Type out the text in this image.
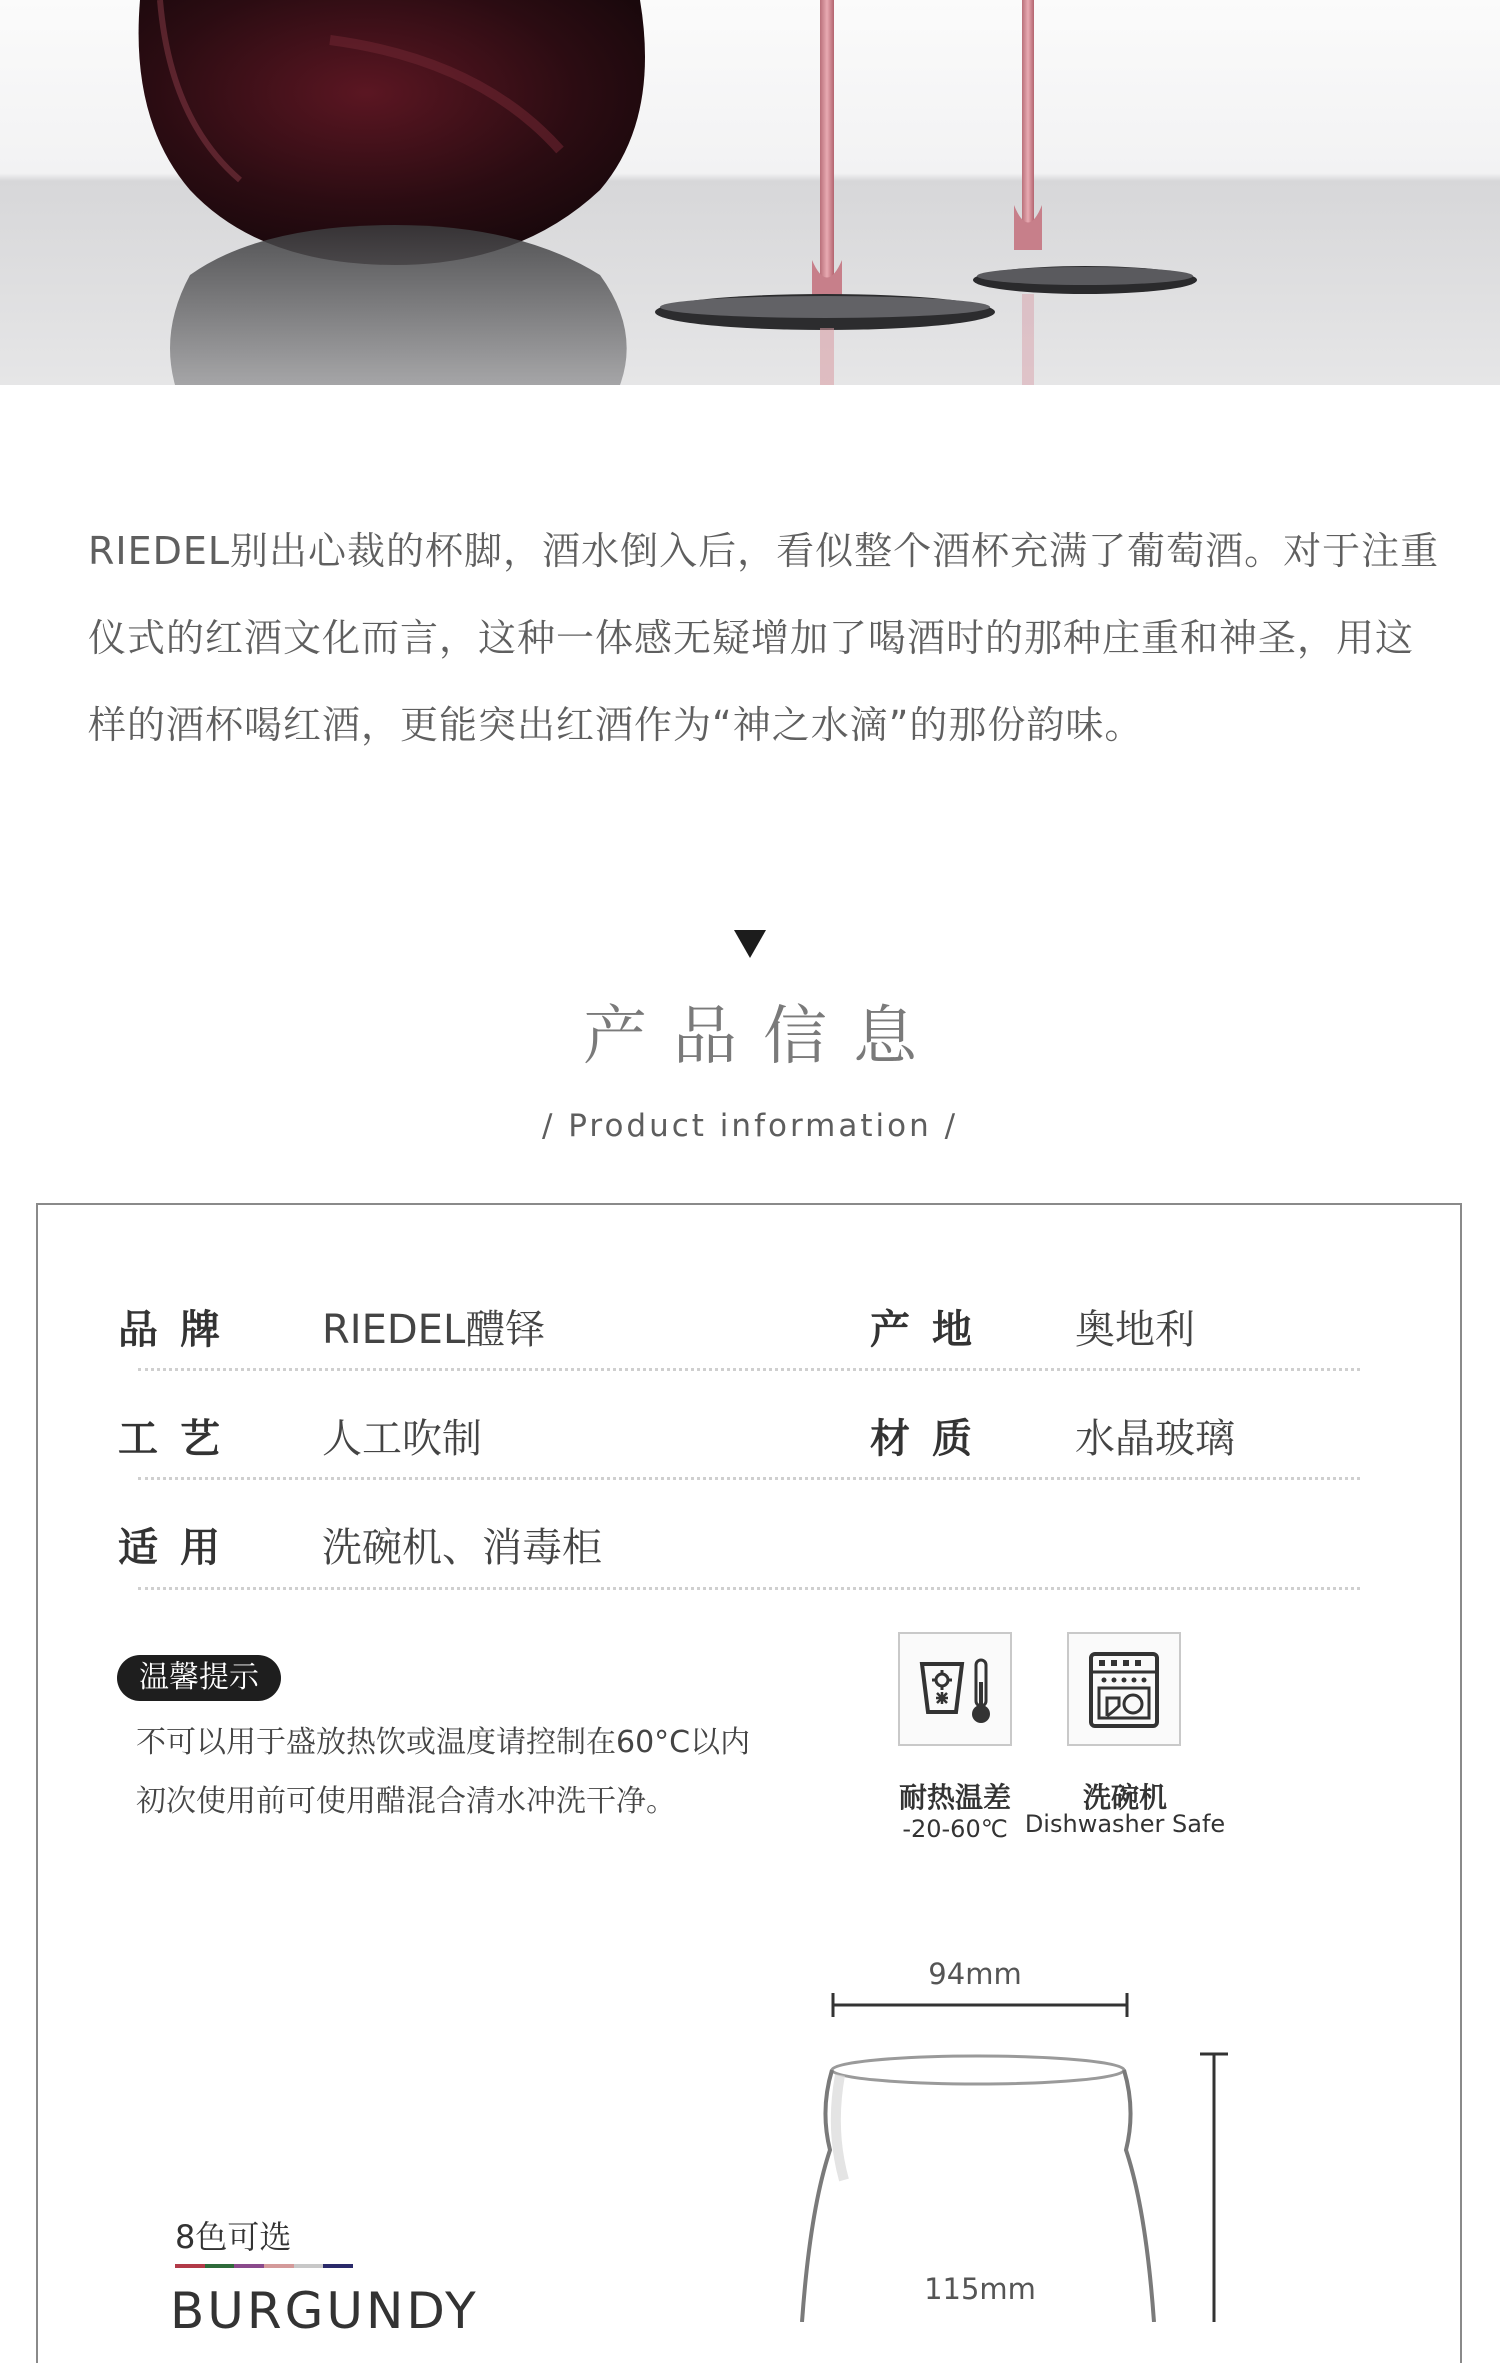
RIEDEL别出心裁的杯脚，酒水倒入后，看似整个酒杯充满了葡萄酒。对于注重仪式的红酒文化而言，这种一体感无疑增加了喝酒时的那种庄重和神圣，用这样的酒杯喝红酒，更能突出红酒作为“神之水滴”的那份韵味。
产品信息
/ Product information /
品牌 RIEDEL醴铎	产地 奥地利
工艺 人工吹制	材质 水晶玻璃
适用 洗碗机、消毒柜
温馨提示
不可以用于盛放热饮或温度请控制在60°C以内
初次使用前可使用醋混合清水冲洗干净。	耐热温差
-20-60℃
洗碗机
Dishwasher Safe
94mm
115mm
8色可选
BURGUNDY
